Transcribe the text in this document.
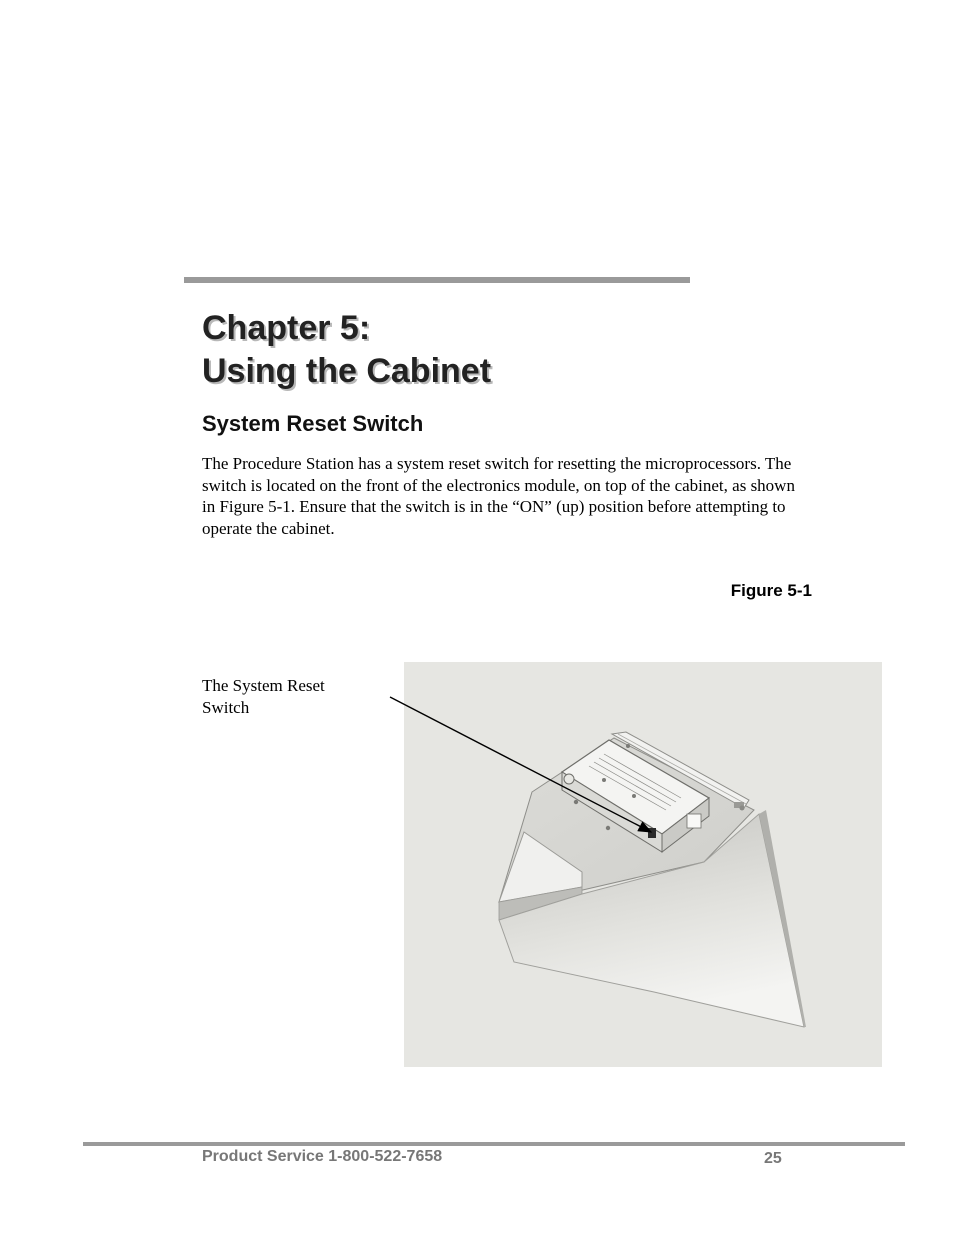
Chapter 5:
Using the Cabinet
System Reset Switch

The Procedure Station has a system reset switch for resetting the microprocessors. The switch is located on the front of the electronics module, on top of the cabinet, as shown in Figure 5-1. Ensure that the switch is in the “ON” (up) position before attempting to operate the cabinet.

Figure 5-1
The System Reset Switch
Product Service 1-800-522-7658	25
